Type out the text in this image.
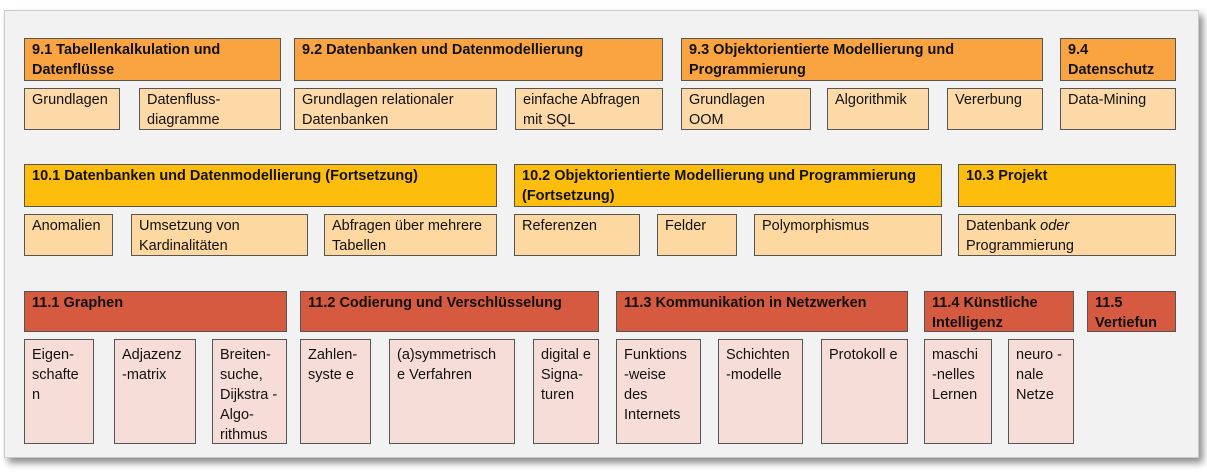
9.1 Tabellenkalkulation und Datenflüsse
9.2 Datenbanken und Datenmodellierung	9.3 Objektorientierte Modellierung und Programmierung
9.4 Datenschutz
Grundlagen	Datenfluss-diagramme
Grundlagen relationaler Datenbanken
einfache Abfragen mit SQL
Grundlagen OOM
Algorithmik	Vererbung	Data-Mining
10.1 Datenbanken und Datenmodellierung (Fortsetzung)	10.2 Objektorientierte Modellierung und Programmierung (Fortsetzung)
10.3 Projekt
Anomalien	Umsetzung von Kardinalitäten
Abfragen über mehrere Tabellen
Referenzen	Felder	Polymorphismus	Datenbank oder Programmierung
11.1 Graphen	11.2 Codierung und Verschlüsselung	11.3 Kommunikation in Netzwerken	11.4 Künstliche Intelligenz
11.5 Vertiefun
Eigen-schafte n
Adjazenz -matrix
Breiten-suche, Dijkstra -Algo-rithmus
Zahlen-syste e
(a)symmetrisch e Verfahren
digital e Signa-turen
Funktions -weise des Internets
Schichten -modelle
Protokoll e	maschi -nelles Lernen
neuro -nale Netze
